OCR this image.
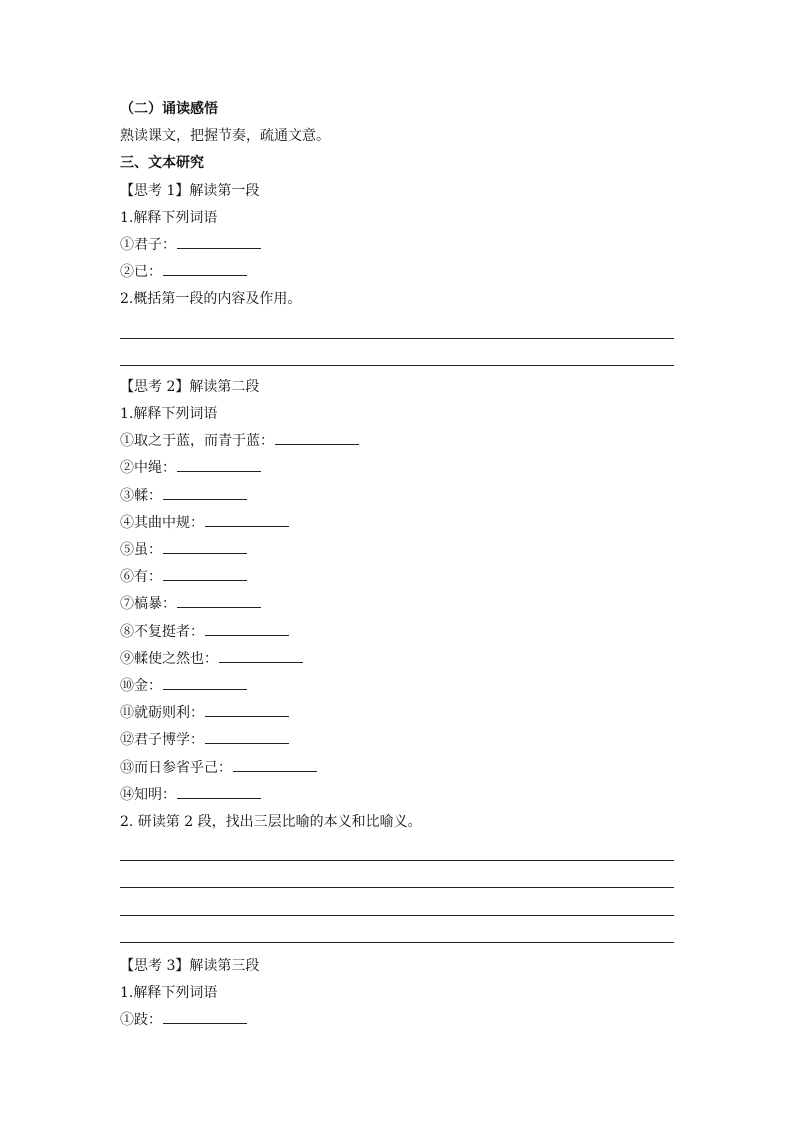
（二）诵读感悟
熟读课文，把握节奏，疏通文意。
三、文本研究
【思考 1】解读第一段
1.解释下列词语
①君子：
②已：
2.概括第一段的内容及作用。
【思考 2】解读第二段
1.解释下列词语
①取之于蓝，而青于蓝：
②中绳：
③輮：
④其曲中规：
⑤虽：
⑥有：
⑦槁暴：
⑧不复挺者：
⑨輮使之然也：
⑩金：
⑪就砺则利：
⑫君子博学：
⑬而日参省乎己：
⑭知明：
2. 研读第 2 段，找出三层比喻的本义和比喻义。
【思考 3】解读第三段
1.解释下列词语
①跂：
